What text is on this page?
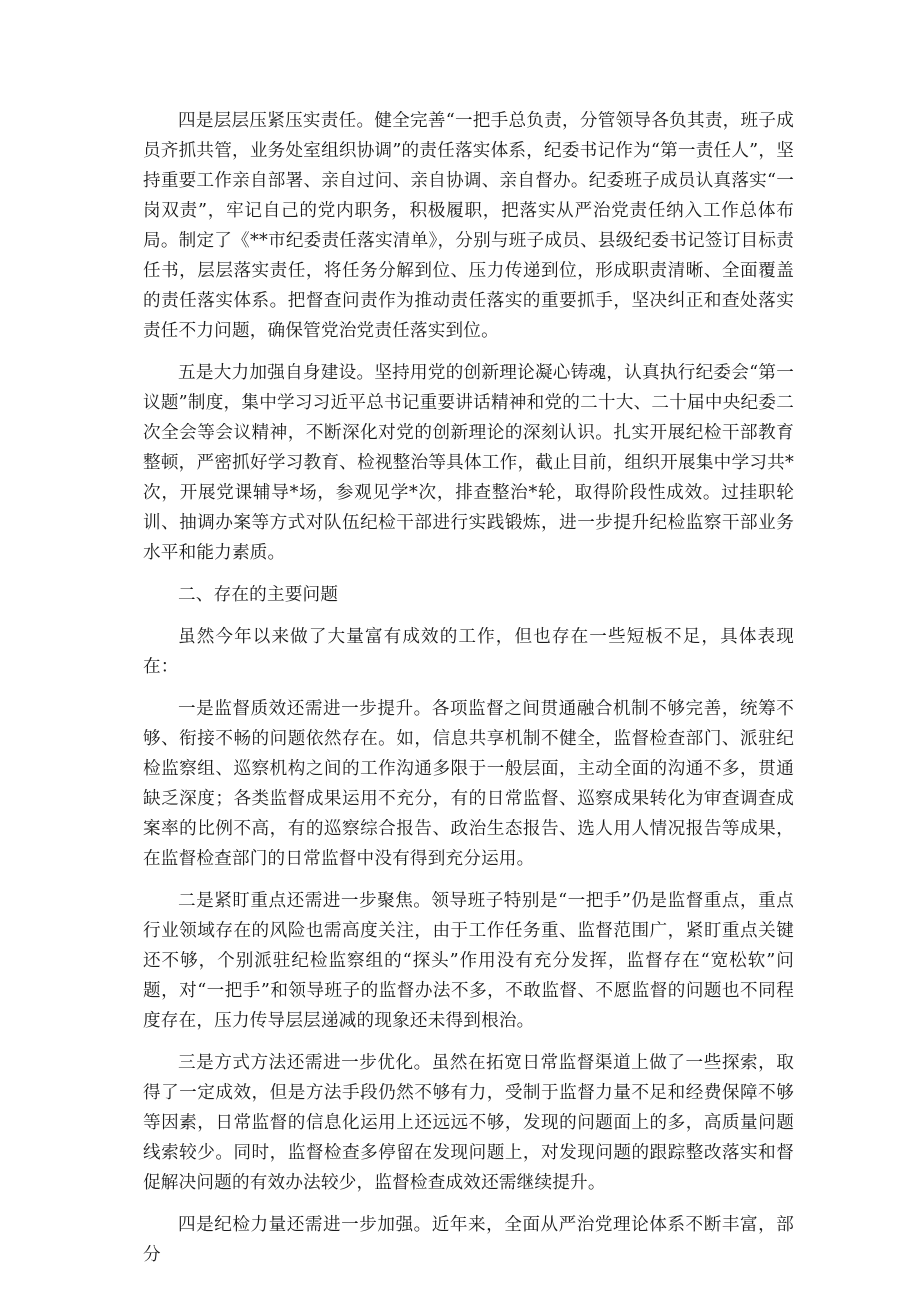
四是层层压紧压实责任。健全完善“一把手总负责，分管领导各负其责，班子成员齐抓共管，业务处室组织协调”的责任落实体系，纪委书记作为“第一责任人”，坚持重要工作亲自部署、亲自过问、亲自协调、亲自督办。纪委班子成员认真落实“一岗双责”，牢记自己的党内职务，积极履职，把落实从严治党责任纳入工作总体布局。制定了《**市纪委责任落实清单》，分别与班子成员、县级纪委书记签订目标责任书，层层落实责任，将任务分解到位、压力传递到位，形成职责清晰、全面覆盖的责任落实体系。把督查问责作为推动责任落实的重要抓手，坚决纠正和查处落实责任不力问题，确保管党治党责任落实到位。

五是大力加强自身建设。坚持用党的创新理论凝心铸魂，认真执行纪委会“第一议题”制度，集中学习习近平总书记重要讲话精神和党的二十大、二十届中央纪委二次全会等会议精神，不断深化对党的创新理论的深刻认识。扎实开展纪检干部教育整顿，严密抓好学习教育、检视整治等具体工作，截止目前，组织开展集中学习共*次，开展党课辅导*场，参观见学*次，排查整治*轮，取得阶段性成效。过挂职轮训、抽调办案等方式对队伍纪检干部进行实践锻炼，进一步提升纪检监察干部业务水平和能力素质。

二、存在的主要问题

虽然今年以来做了大量富有成效的工作，但也存在一些短板不足，具体表现在：

一是监督质效还需进一步提升。各项监督之间贯通融合机制不够完善，统筹不够、衔接不畅的问题依然存在。如，信息共享机制不健全，监督检查部门、派驻纪检监察组、巡察机构之间的工作沟通多限于一般层面，主动全面的沟通不多，贯通缺乏深度；各类监督成果运用不充分，有的日常监督、巡察成果转化为审查调查成案率的比例不高，有的巡察综合报告、政治生态报告、选人用人情况报告等成果，在监督检查部门的日常监督中没有得到充分运用。

二是紧盯重点还需进一步聚焦。领导班子特别是“一把手”仍是监督重点，重点行业领域存在的风险也需高度关注，由于工作任务重、监督范围广，紧盯重点关键还不够，个别派驻纪检监察组的“探头”作用没有充分发挥，监督存在“宽松软”问题，对“一把手”和领导班子的监督办法不多，不敢监督、不愿监督的问题也不同程度存在，压力传导层层递减的现象还未得到根治。

三是方式方法还需进一步优化。虽然在拓宽日常监督渠道上做了一些探索，取得了一定成效，但是方法手段仍然不够有力，受制于监督力量不足和经费保障不够等因素，日常监督的信息化运用上还远远不够，发现的问题面上的多，高质量问题线索较少。同时，监督检查多停留在发现问题上，对发现问题的跟踪整改落实和督促解决问题的有效办法较少，监督检查成效还需继续提升。

四是纪检力量还需进一步加强。近年来，全面从严治党理论体系不断丰富，部分
